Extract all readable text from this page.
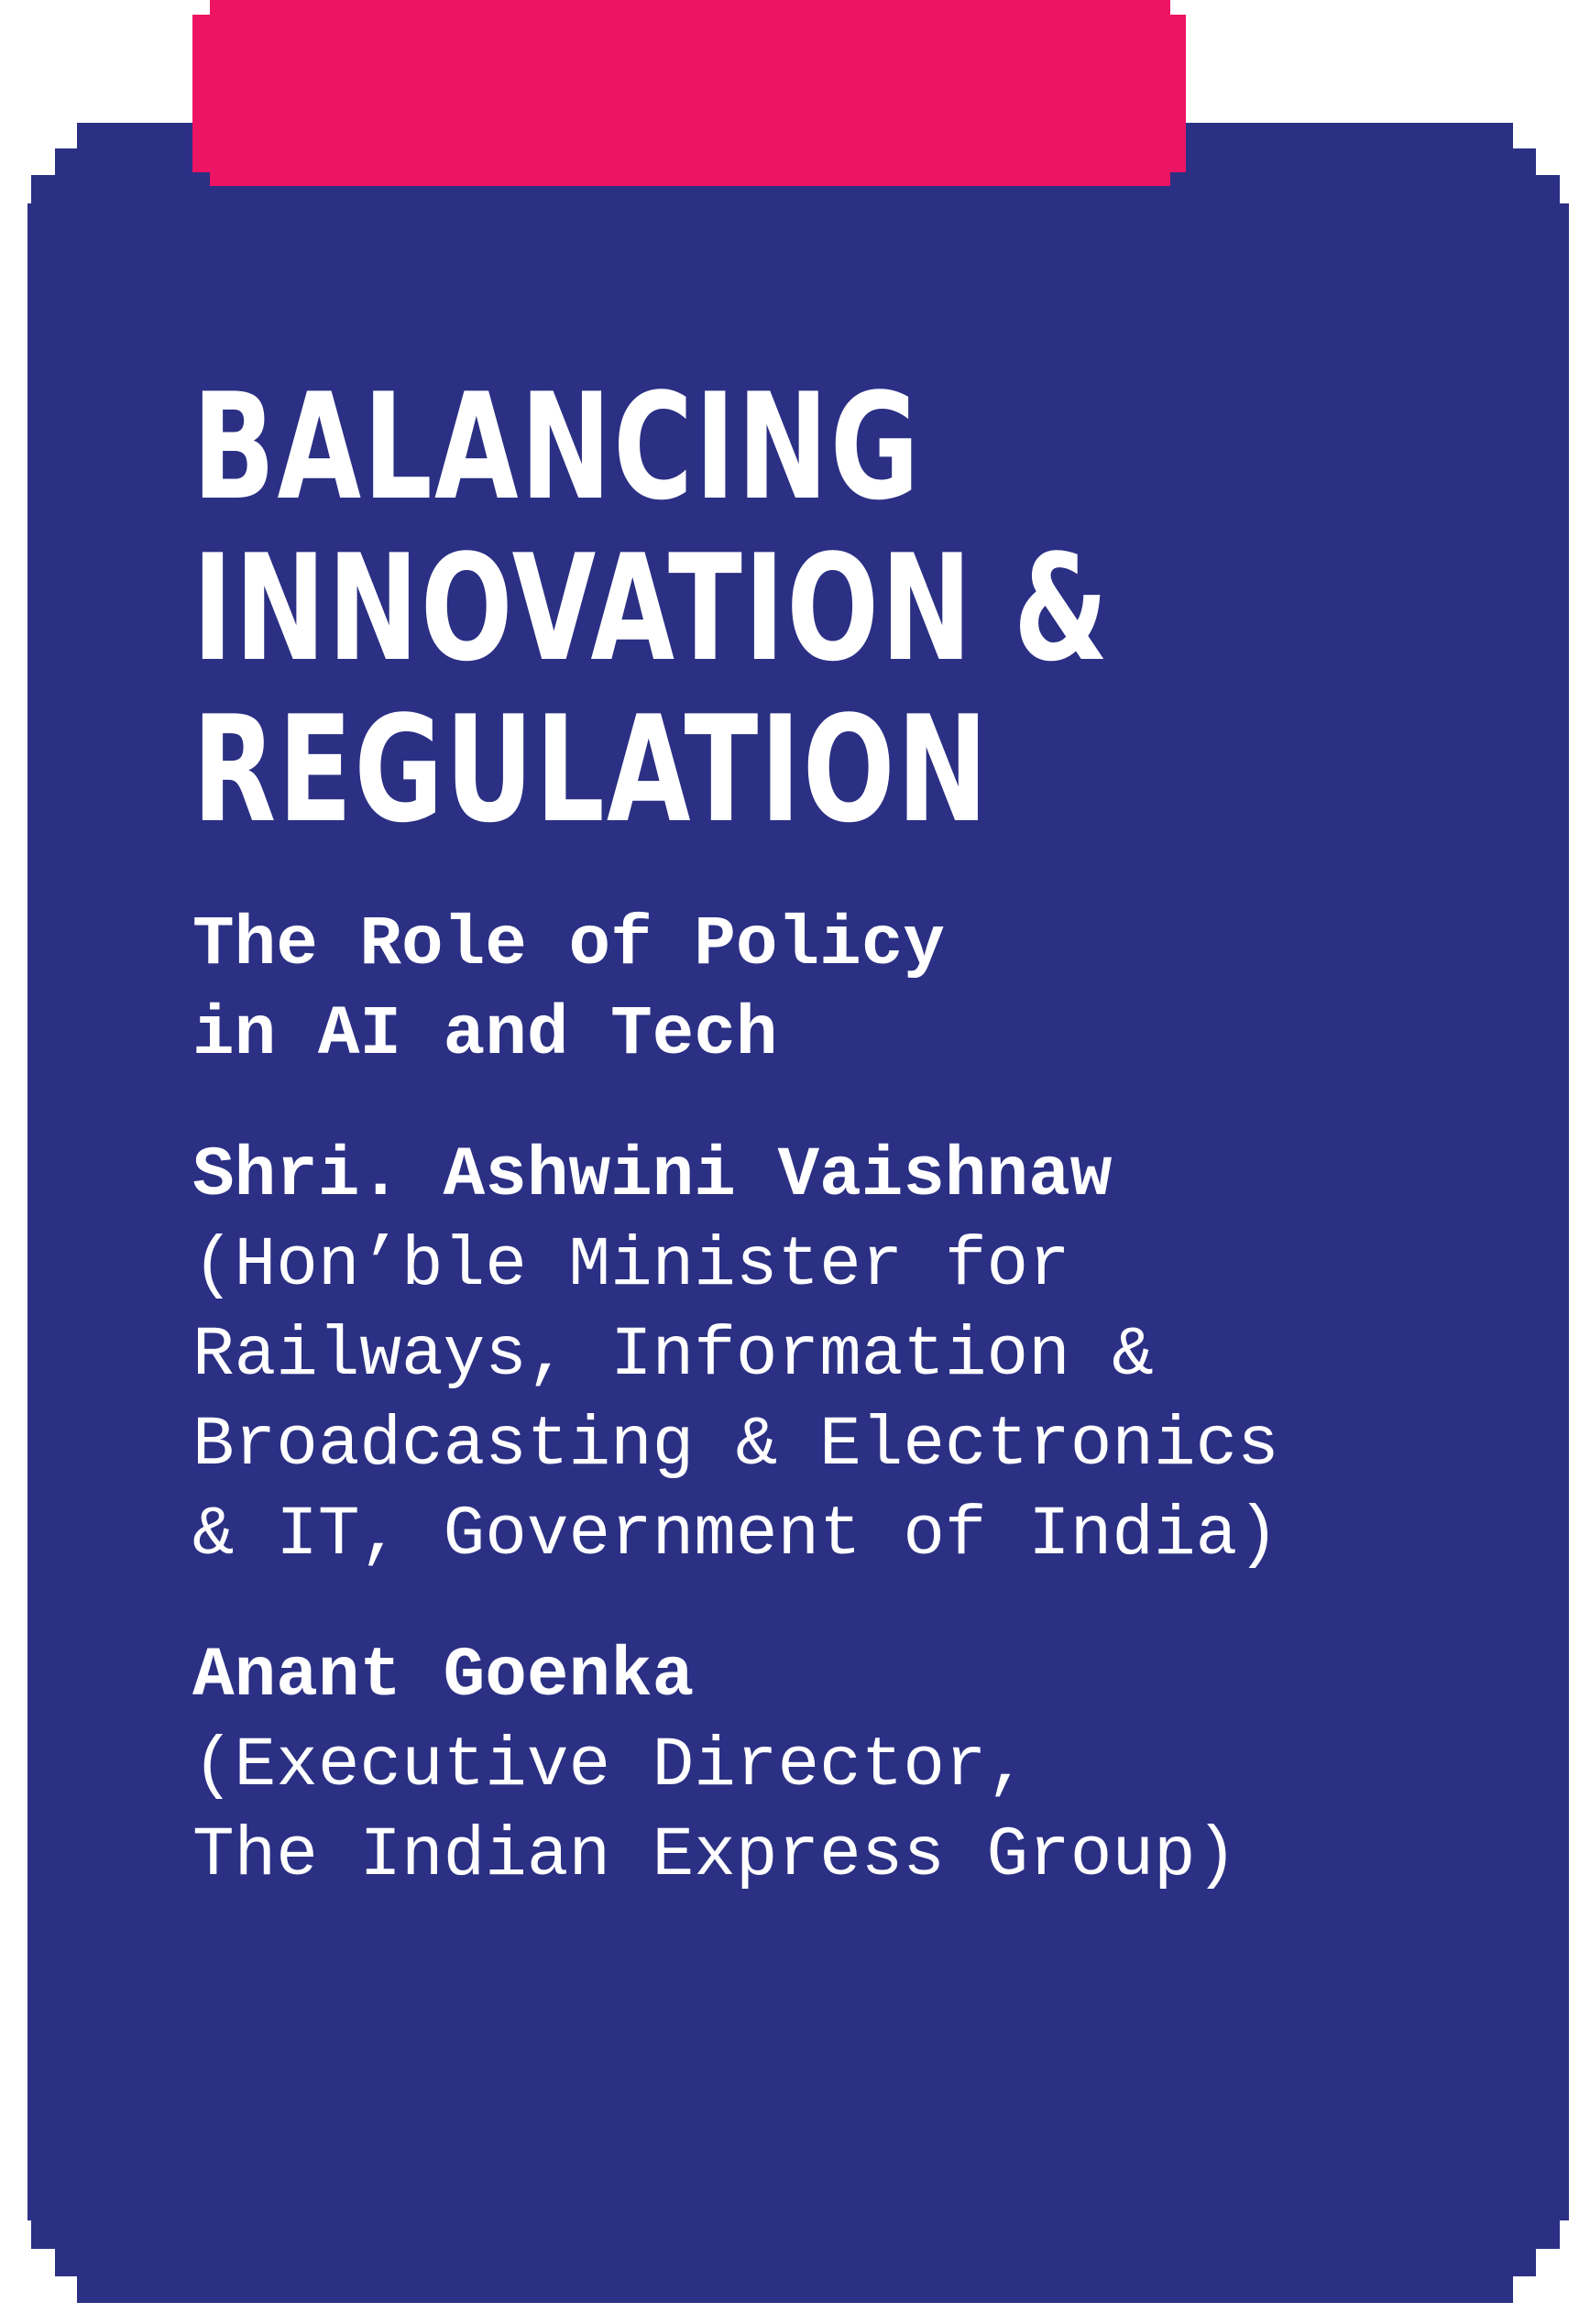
BALANCING
INNOVATION &
REGULATION
The Role of Policy
in AI and Tech
Shri. Ashwini Vaishnaw
(Hon’ble Minister for
Railways, Information &
Broadcasting & Electronics
& IT, Government of India)
Anant Goenka
(Executive Director,
The Indian Express Group)
